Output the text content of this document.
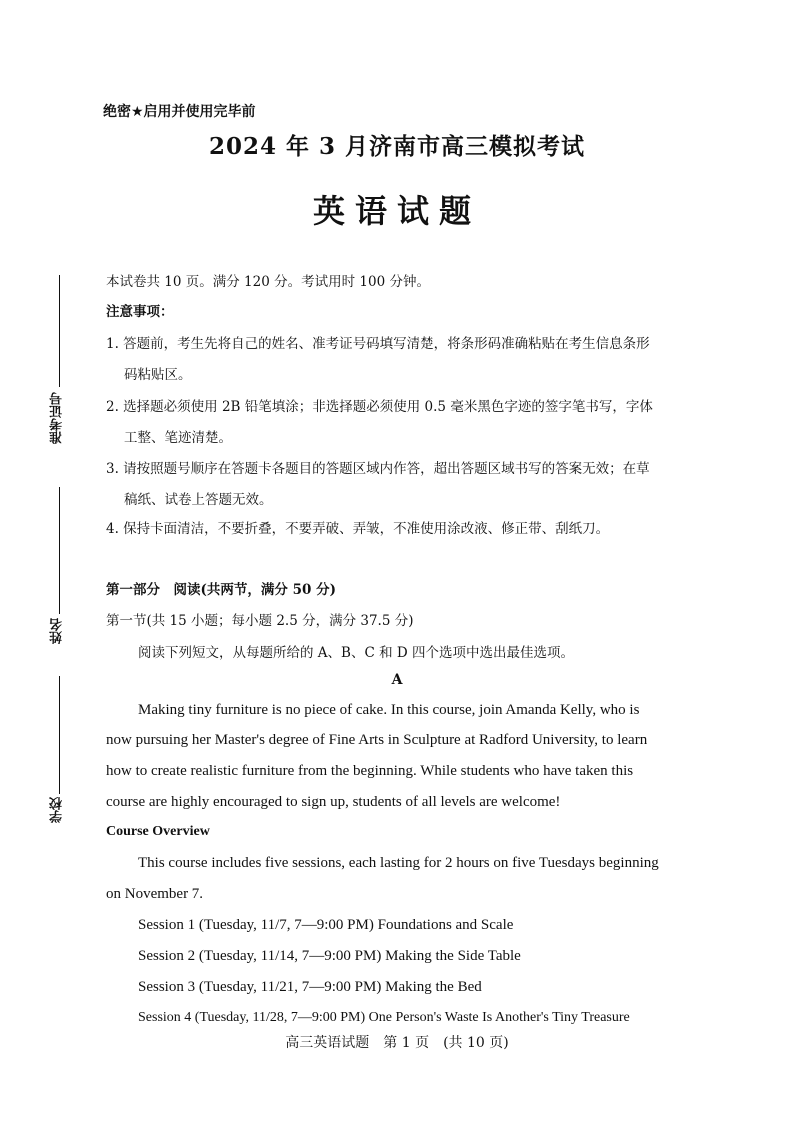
准考证号
姓名
学校
绝密★启用并使用完毕前
2024 年 3 月济南市高三模拟考试
英语试题
本试卷共 10 页。满分 120 分。考试用时 100 分钟。
注意事项：
1. 答题前，考生先将自己的姓名、准考证号码填写清楚，将条形码准确粘贴在考生信息条形
码粘贴区。
2. 选择题必须使用 2B 铅笔填涂；非选择题必须使用 0.5 毫米黑色字迹的签字笔书写，字体
工整、笔迹清楚。
3. 请按照题号顺序在答题卡各题目的答题区域内作答，超出答题区域书写的答案无效；在草
稿纸、试卷上答题无效。
4. 保持卡面清洁，不要折叠，不要弄破、弄皱，不准使用涂改液、修正带、刮纸刀。
第一部分　阅读(共两节，满分 50 分)
第一节(共 15 小题；每小题 2.5 分，满分 37.5 分)
阅读下列短文，从每题所给的 A、B、C 和 D 四个选项中选出最佳选项。
A
Making tiny furniture is no piece of cake. In this course, join Amanda Kelly, who is
now pursuing her Master's degree of Fine Arts in Sculpture at Radford University, to learn
how to create realistic furniture from the beginning. While students who have taken this
course are highly encouraged to sign up, students of all levels are welcome!
Course Overview
This course includes five sessions, each lasting for 2 hours on five Tuesdays beginning
on November 7.
Session 1 (Tuesday, 11/7, 7—9:00 PM) Foundations and Scale
Session 2 (Tuesday, 11/14, 7—9:00 PM) Making the Side Table
Session 3 (Tuesday, 11/21, 7—9:00 PM) Making the Bed
Session 4 (Tuesday, 11/28, 7—9:00 PM) One Person's Waste Is Another's Tiny Treasure
高三英语试题　第 1 页　(共 10 页)
